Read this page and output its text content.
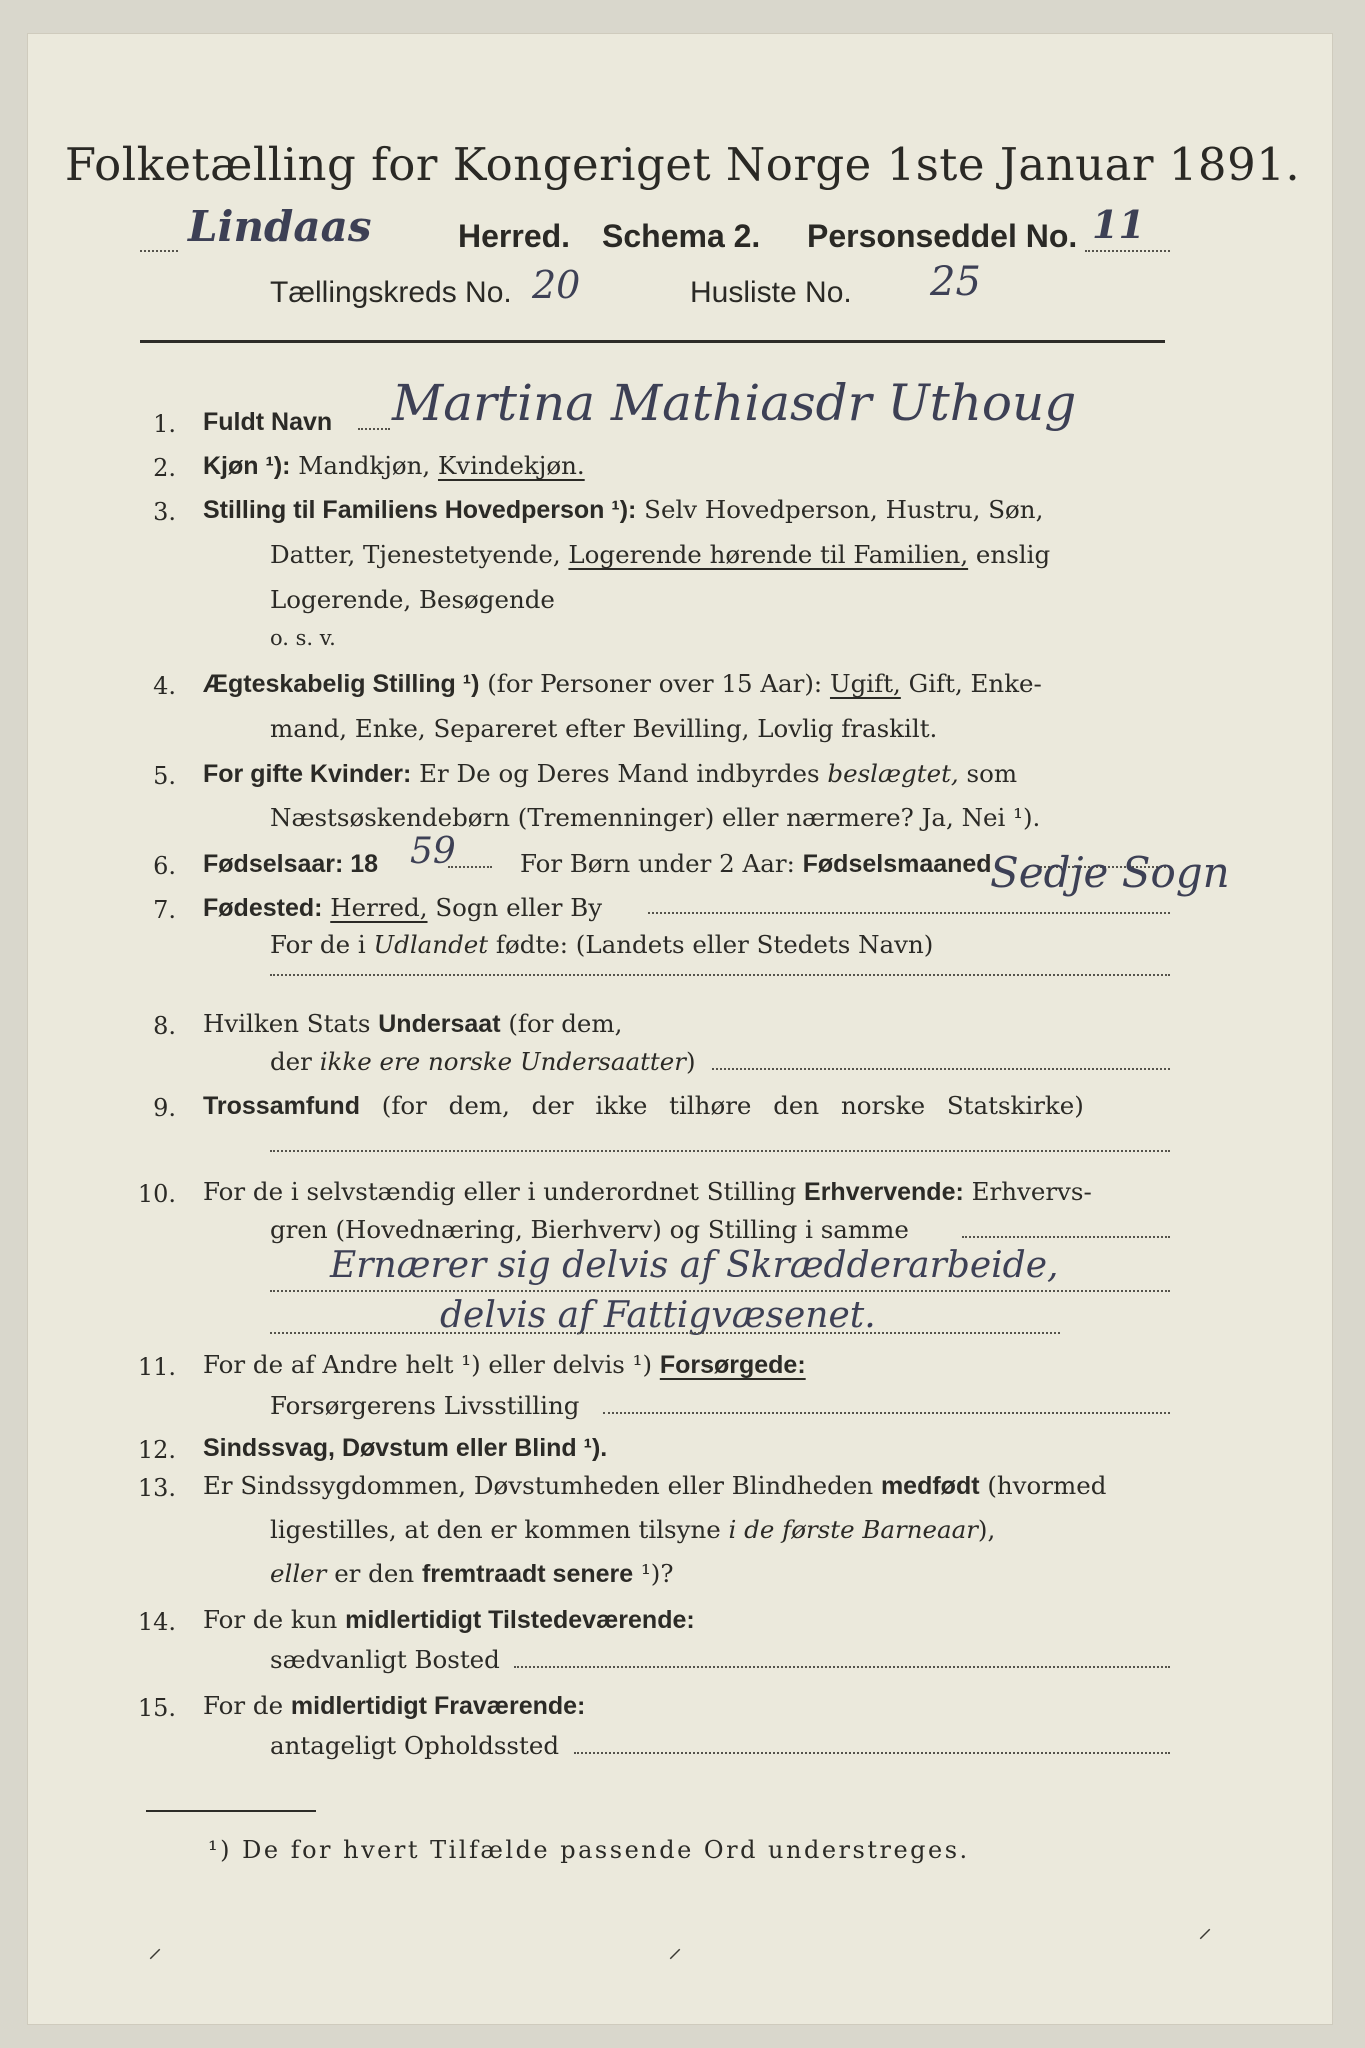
Folketælling for Kongeriget Norge 1ste Januar 1891.
Lindaas	Herred. Schema 2. Personseddel No. 11
Tællingskreds No. 20	Husliste No. 25
1. Fuldt Navn Martina Mathiasdr Uthoug
2. Kjøn ¹): Mandkjøn, Kvindekjøn.
3. Stilling til Familiens Hovedperson ¹): Selv Hovedperson, Hustru, Søn,
Datter, Tjenestetyende, Logerende hørende til Familien, enslig
Logerende, Besøgende
o. s. v.
4. Ægteskabelig Stilling ¹) (for Personer over 15 Aar): Ugift, Gift, Enke-
mand, Enke, Separeret efter Bevilling, Lovlig fraskilt.
5. For gifte Kvinder: Er De og Deres Mand indbyrdes beslægtet, som
Næstsøskendebørn (Tremenninger) eller nærmere? Ja, Nei ¹).
6. Fødselsaar: 18 59	For Børn under 2 Aar: Fødselsmaaned
7. Fødested: Herred, Sogn eller By
Sedje Sogn
For de i Udlandet fødte: (Landets eller Stedets Navn)
8. Hvilken Stats Undersaat (for dem,
der ikke ere norske Undersaatter)
9. Trossamfund (for dem, der ikke tilhøre den norske Statskirke)
10. For de i selvstændig eller i underordnet Stilling Erhvervende: Erhvervs-
gren (Hovednæring, Bierhverv) og Stilling i samme
Ernærer sig delvis af Skrædderarbeide,
delvis af Fattigvæsenet.
11. For de af Andre helt ¹) eller delvis ¹) Forsørgede:
Forsørgerens Livsstilling
12. Sindssvag, Døvstum eller Blind ¹).
13. Er Sindssygdommen, Døvstumheden eller Blindheden medfødt (hvormed
ligestilles, at den er kommen tilsyne i de første Barneaar),
eller er den fremtraadt senere ¹)?
14. For de kun midlertidigt Tilstedeværende:
sædvanligt Bosted
15. For de midlertidigt Fraværende:
antageligt Opholdssted
¹) De for hvert Tilfælde passende Ord understreges.
⸝	⸝
⸝
